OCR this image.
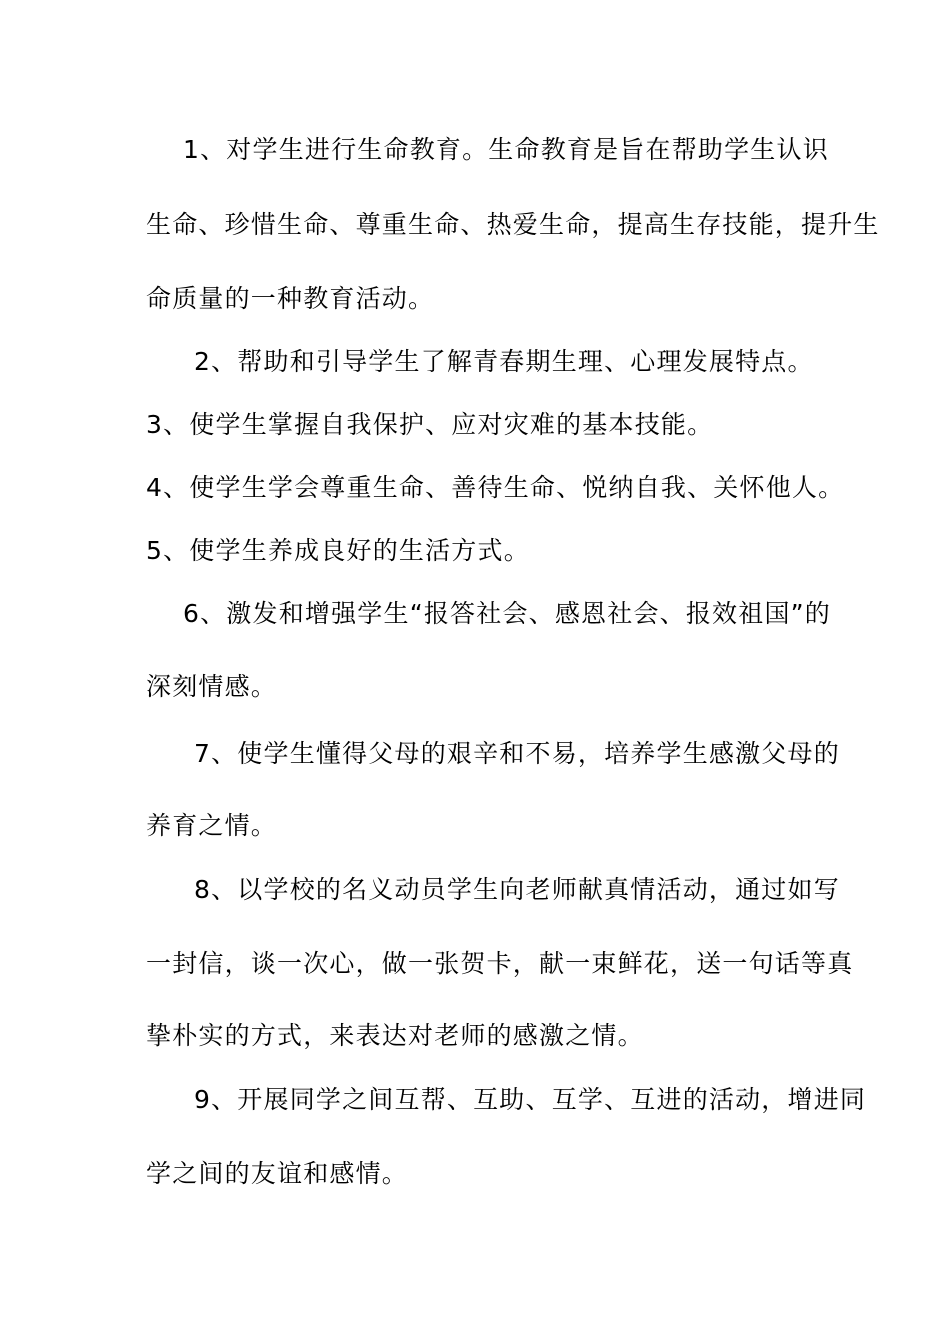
1、对学生进行生命教育。生命教育是旨在帮助学生认识
生命、珍惜生命、尊重生命、热爱生命，提高生存技能，提升生
命质量的一种教育活动。
2、帮助和引导学生了解青春期生理、心理发展特点。
3、使学生掌握自我保护、应对灾难的基本技能。
4、使学生学会尊重生命、善待生命、悦纳自我、关怀他人。
5、使学生养成良好的生活方式。
6、激发和增强学生“报答社会、感恩社会、报效祖国”的
深刻情感。
7、使学生懂得父母的艰辛和不易，培养学生感激父母的
养育之情。
8、以学校的名义动员学生向老师献真情活动，通过如写
一封信，谈一次心，做一张贺卡，献一束鲜花，送一句话等真
挚朴实的方式，来表达对老师的感激之情。
9、开展同学之间互帮、互助、互学、互进的活动，增进同
学之间的友谊和感情。
